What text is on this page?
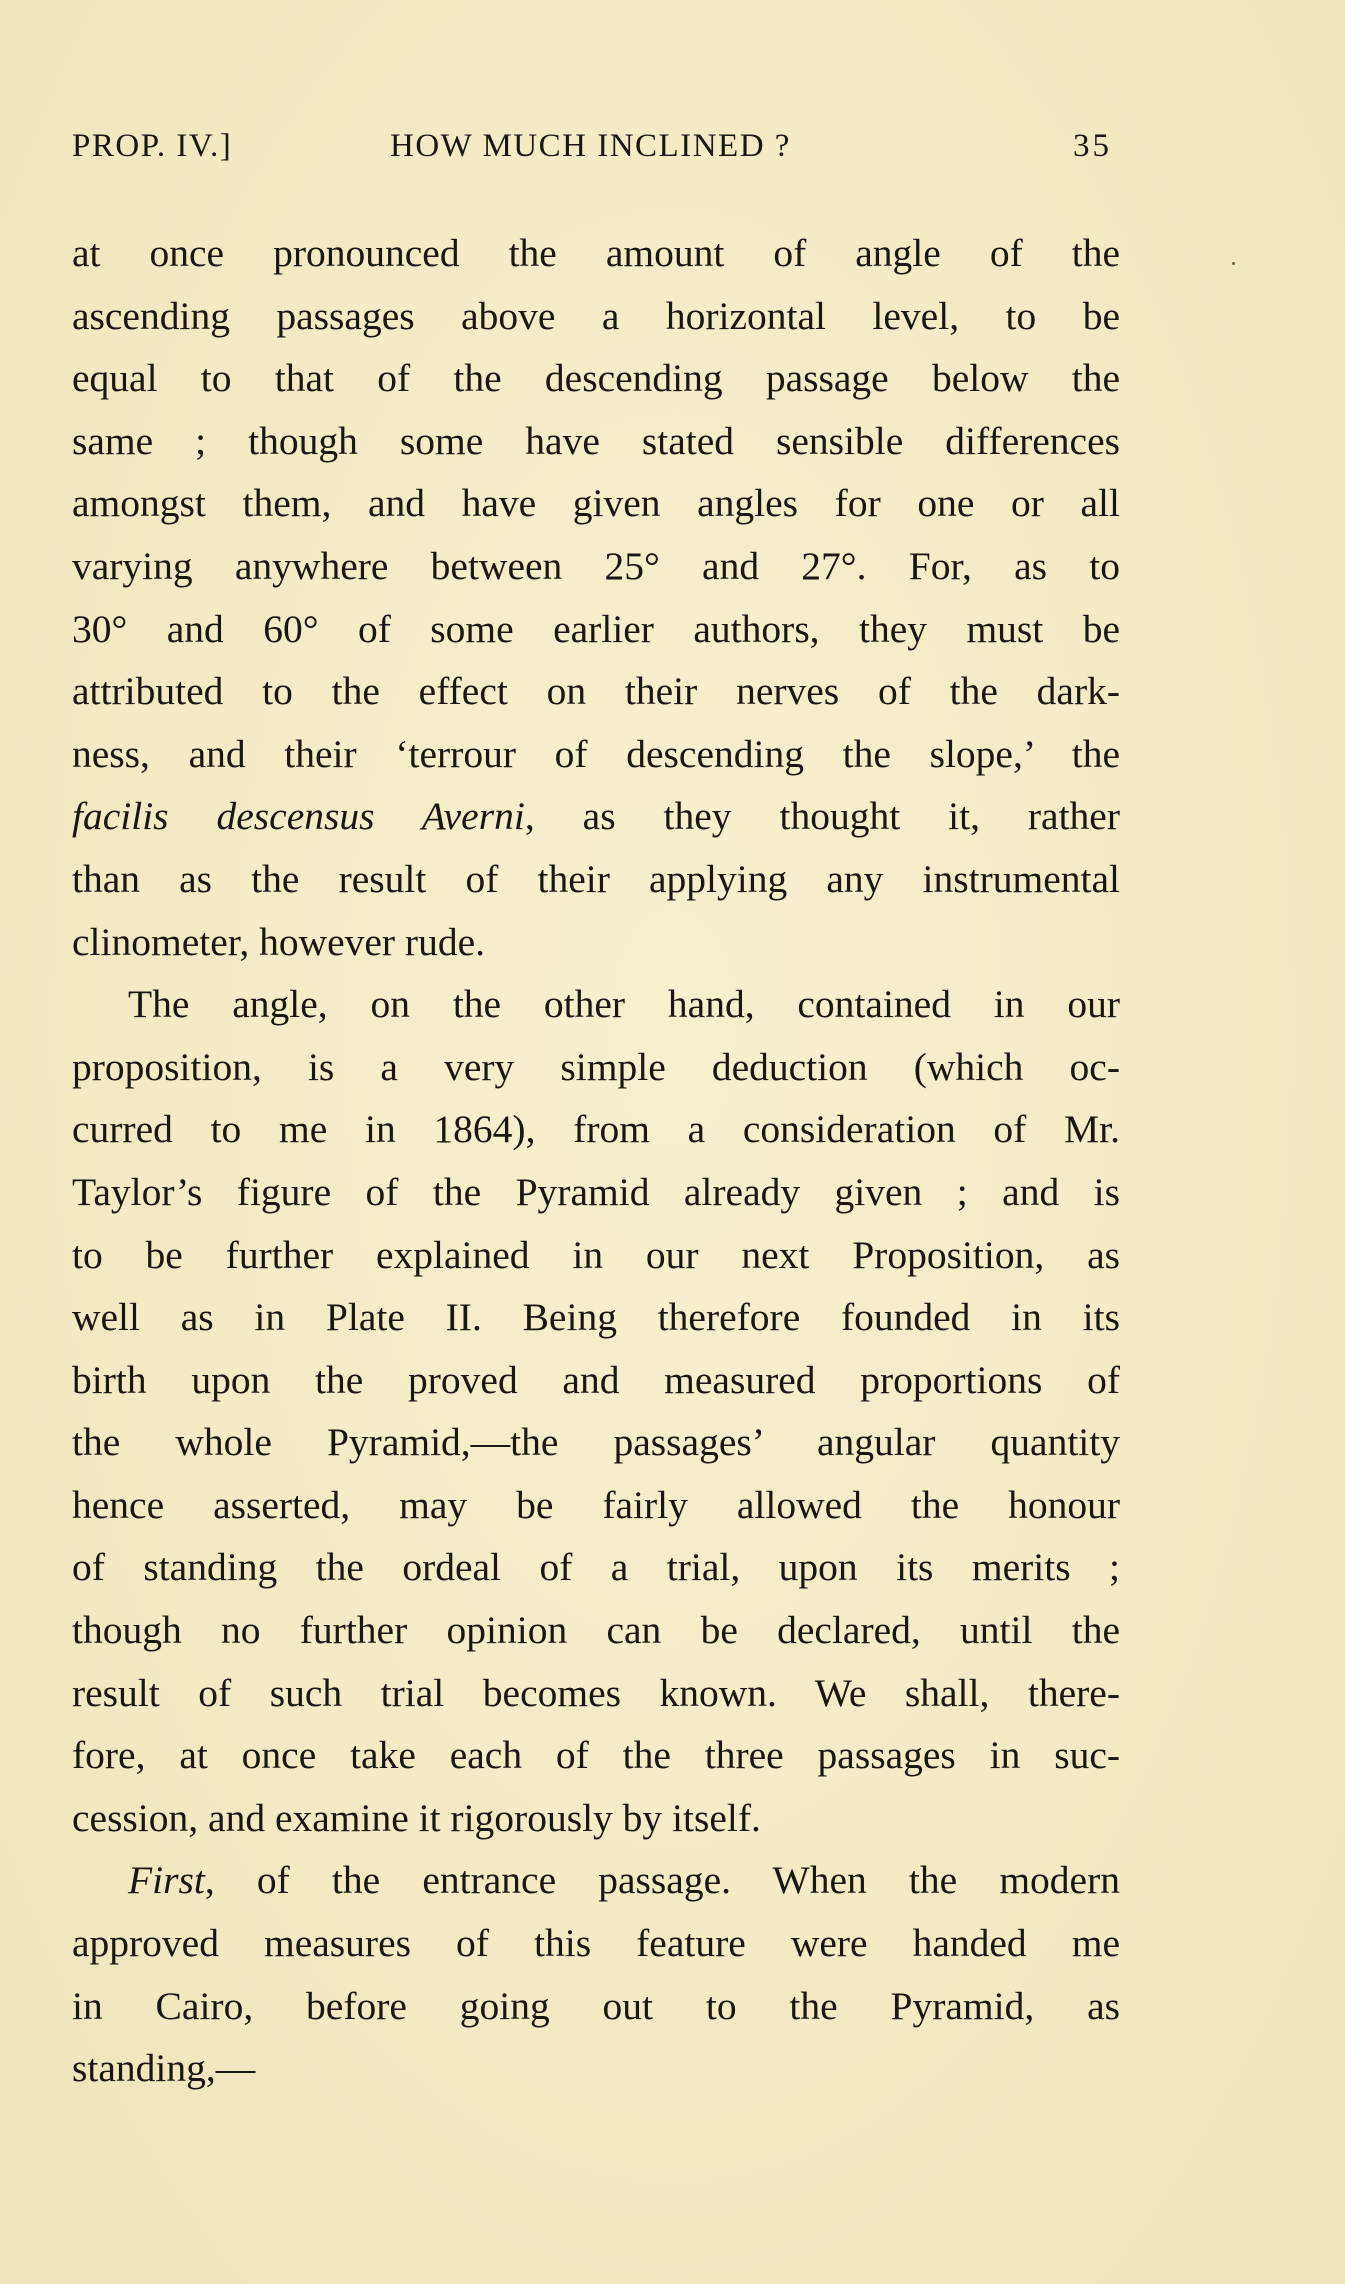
PROP. IV.]	HOW MUCH INCLINED ?	35
at once pronounced the amount of angle of the
ascending passages above a horizontal level, to be
equal to that of the descending passage below the
same ; though some have stated sensible differences
amongst them, and have given angles for one or all
varying anywhere between 25° and 27°. For, as to
30° and 60° of some earlier authors, they must be
attributed to the effect on their nerves of the dark-
ness, and their ‘terrour of descending the slope,’ the
facilis descensus Averni, as they thought it, rather
than as the result of their applying any instrumental
clinometer, however rude.
The angle, on the other hand, contained in our
proposition, is a very simple deduction (which oc-
curred to me in 1864), from a consideration of Mr.
Taylor’s figure of the Pyramid already given ; and is
to be further explained in our next Proposition, as
well as in Plate II. Being therefore founded in its
birth upon the proved and measured proportions of
the whole Pyramid,—the passages’ angular quantity
hence asserted, may be fairly allowed the honour
of standing the ordeal of a trial, upon its merits ;
though no further opinion can be declared, until the
result of such trial becomes known. We shall, there-
fore, at once take each of the three passages in suc-
cession, and examine it rigorously by itself.
First, of the entrance passage. When the modern
approved measures of this feature were handed me
in Cairo, before going out to the Pyramid, as
standing,—
